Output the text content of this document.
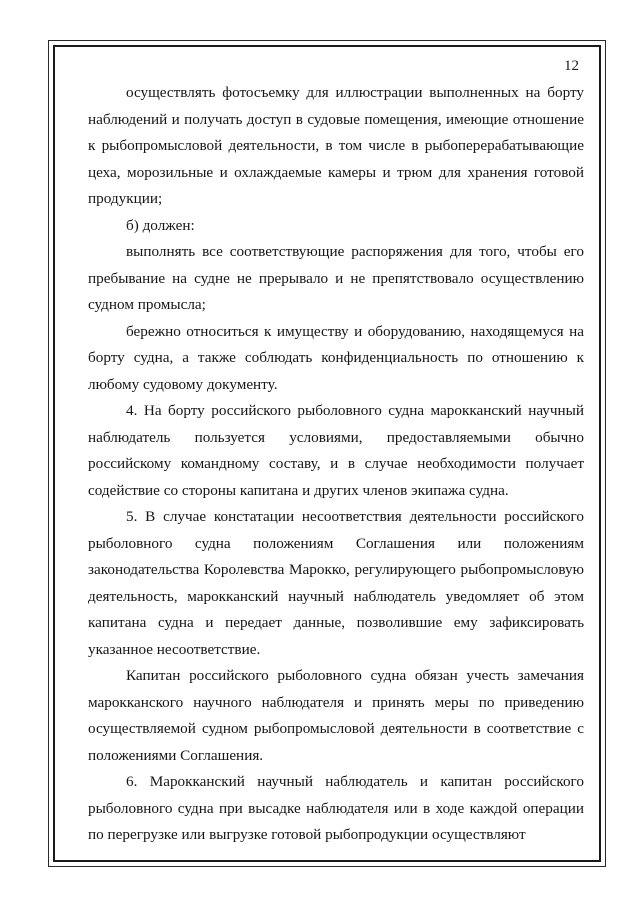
12

осуществлять фотосъемку для иллюстрации выполненных на борту наблюдений и получать доступ в судовые помещения, имеющие отношение к рыбопромысловой деятельности, в том числе в рыбоперерабатывающие цеха, морозильные и охлаждаемые камеры и трюм для хранения готовой продукции;

б) должен:

выполнять все соответствующие распоряжения для того, чтобы его пребывание на судне не прерывало и не препятствовало осуществлению судном промысла;

бережно относиться к имуществу и оборудованию, находящемуся на борту судна, а также соблюдать конфиденциальность по отношению к любому судовому документу.

4. На борту российского рыболовного судна марокканский научный наблюдатель пользуется условиями, предоставляемыми обычно российскому командному составу, и в случае необходимости получает содействие со стороны капитана и других членов экипажа судна.

5. В случае констатации несоответствия деятельности российского рыболовного судна положениям Соглашения или положениям законодательства Королевства Марокко, регулирующего рыбопромысловую деятельность, марокканский научный наблюдатель уведомляет об этом капитана судна и передает данные, позволившие ему зафиксировать указанное несоответствие.

Капитан российского рыболовного судна обязан учесть замечания марокканского научного наблюдателя и принять меры по приведению осуществляемой судном рыбопромысловой деятельности в соответствие с положениями Соглашения.

6. Марокканский научный наблюдатель и капитан российского рыболовного судна при высадке наблюдателя или в ходе каждой операции по перегрузке или выгрузке готовой рыбопродукции осуществляют
